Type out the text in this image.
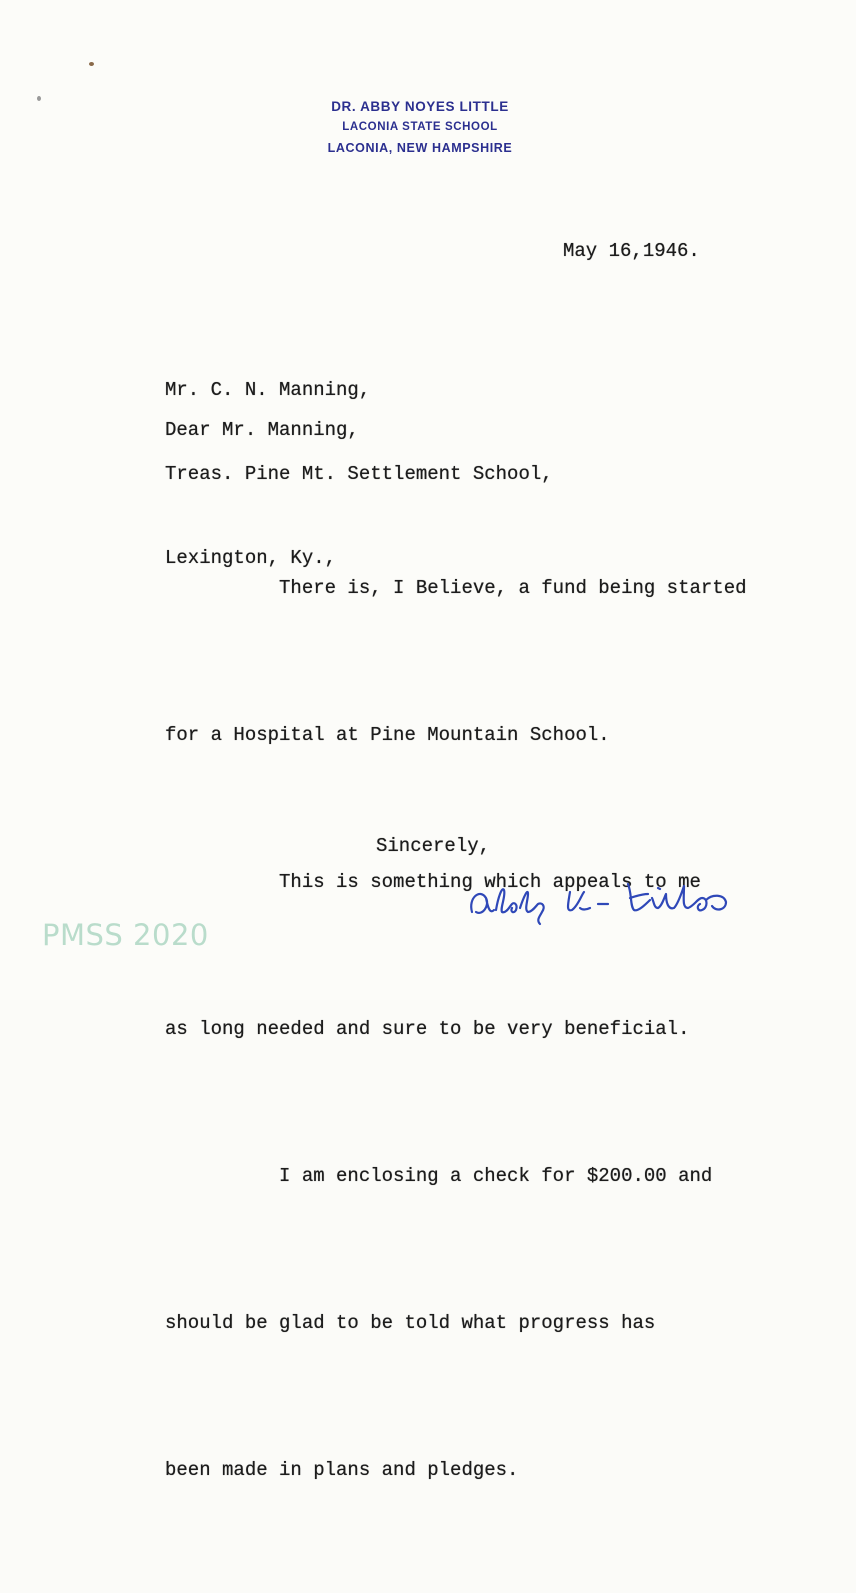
DR. ABBY NOYES LITTLE
LACONIA STATE SCHOOL
LACONIA, NEW HAMPSHIRE
May 16,1946.

Mr. C. N. Manning,

Treas. Pine Mt. Settlement School,

Lexington, Ky.,

Dear Mr. Manning,

There is, I Believe, a fund being started

for a Hospital at Pine Mountain School.

This is something which appeals to me

as long needed and sure to be very beneficial.

I am enclosing a check for $200.00 and

should be glad to be told what progress has

been made in plans and pledges.

Sincerely,
PMSS 2020
